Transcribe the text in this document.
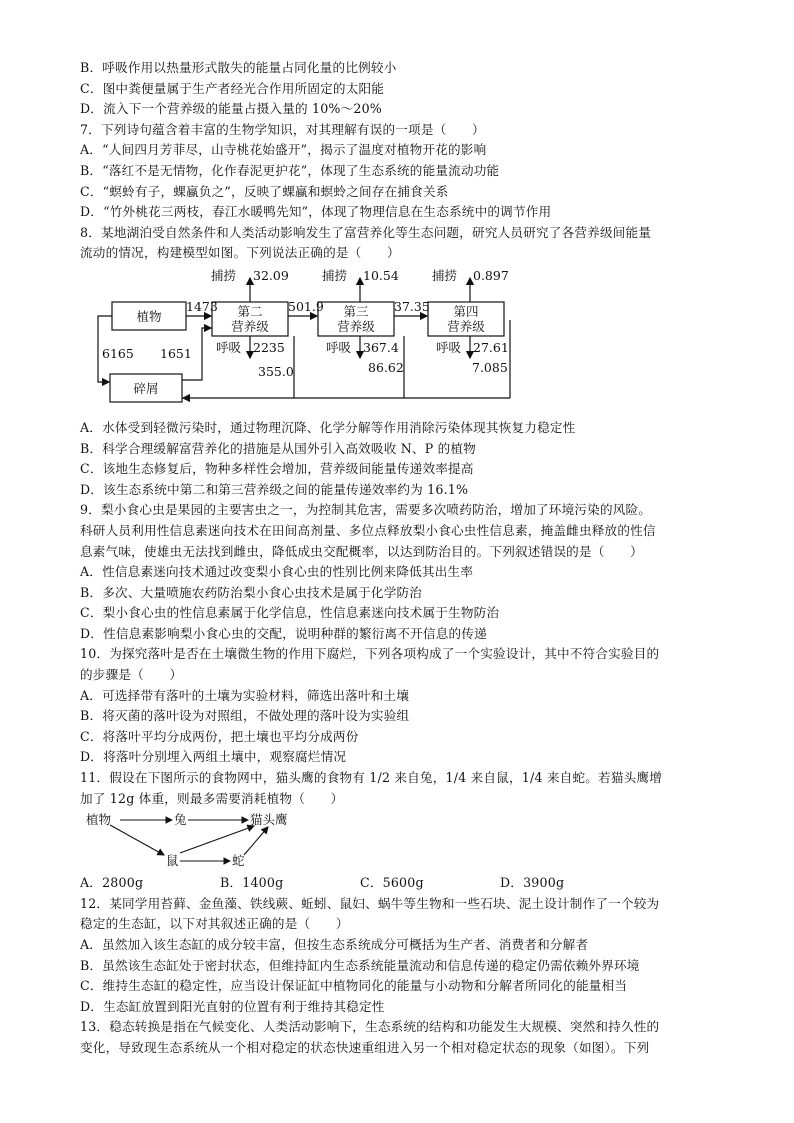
B．呼吸作用以热量形式散失的能量占同化量的比例较小
C．图中粪便量属于生产者经光合作用所固定的太阳能
D．流入下一个营养级的能量占摄入量的 10%～20%
7．下列诗句蕴含着丰富的生物学知识，对其理解有误的一项是（　　）
A．“人间四月芳菲尽，山寺桃花始盛开”，揭示了温度对植物开花的影响
B．“落红不是无情物，化作春泥更护花”，体现了生态系统的能量流动功能
C．“螟蛉有子，蜾蠃负之”，反映了蜾蠃和螟蛉之间存在捕食关系
D．“竹外桃花三两枝，春江水暖鸭先知”，体现了物理信息在生态系统中的调节作用
8．某地湖泊受自然条件和人类活动影响发生了富营养化等生态问题，研究人员研究了各营养级间能量
流动的情况，构建模型如图。下列说法正确的是（　　）
植物	第二
营养级
第三
营养级
第四
营养级
碎屑
捕捞 32.09	捕捞 10.54	捕捞 0.897
1473	501.9	37.35
呼吸 2235	呼吸 367.4	呼吸 27.61
355.0	86.62	7.085
6165 1651
A．水体受到轻微污染时，通过物理沉降、化学分解等作用消除污染体现其恢复力稳定性
B．科学合理缓解富营养化的措施是从国外引入高效吸收 N、P 的植物
C．该地生态修复后，物种多样性会增加，营养级间能量传递效率提高
D．该生态系统中第二和第三营养级之间的能量传递效率约为 16.1%
9．梨小食心虫是果园的主要害虫之一，为控制其危害，需要多次喷药防治，增加了环境污染的风险。
科研人员利用性信息素迷向技术在田间高剂量、多位点释放梨小食心虫性信息素，掩盖雌虫释放的性信
息素气味，使雄虫无法找到雌虫，降低成虫交配概率，以达到防治目的。下列叙述错误的是（　　）
A．性信息素迷向技术通过改变梨小食心虫的性别比例来降低其出生率
B．多次、大量喷施农药防治梨小食心虫技术是属于化学防治
C．梨小食心虫的性信息素属于化学信息，性信息素迷向技术属于生物防治
D．性信息素影响梨小食心虫的交配，说明种群的繁衍离不开信息的传递
10．为探究落叶是否在土壤微生物的作用下腐烂，下列各项构成了一个实验设计，其中不符合实验目的
的步骤是（　　）
A．可选择带有落叶的土壤为实验材料，筛选出落叶和土壤
B．将灭菌的落叶设为对照组，不做处理的落叶设为实验组
C．将落叶平均分成两份，把土壤也平均分成两份
D．将落叶分别埋入两组土壤中，观察腐烂情况
11．假设在下图所示的食物网中，猫头鹰的食物有 1/2 来自兔，1/4 来自鼠，1/4 来自蛇。若猫头鹰增
加了 12g 体重，则最多需要消耗植物（　　）
植物	兔	猫头鹰
鼠	蛇
A．2800g	B．1400g	C．5600g	D．3900g
12．某同学用苔藓、金鱼藻、铁线蕨、蚯蚓、鼠妇、蜗牛等生物和一些石块、泥土设计制作了一个较为
稳定的生态缸，以下对其叙述正确的是（　　）
A．虽然加入该生态缸的成分较丰富，但按生态系统成分可概括为生产者、消费者和分解者
B．虽然该生态缸处于密封状态，但维持缸内生态系统能量流动和信息传递的稳定仍需依赖外界环境
C．维持生态缸的稳定性，应当设计保证缸中植物同化的能量与小动物和分解者所同化的能量相当
D．生态缸放置到阳光直射的位置有利于维持其稳定性
13．稳态转换是指在气候变化、人类活动影响下，生态系统的结构和功能发生大规模、突然和持久性的
变化，导致现生态系统从一个相对稳定的状态快速重组进入另一个相对稳定状态的现象（如图）。下列
